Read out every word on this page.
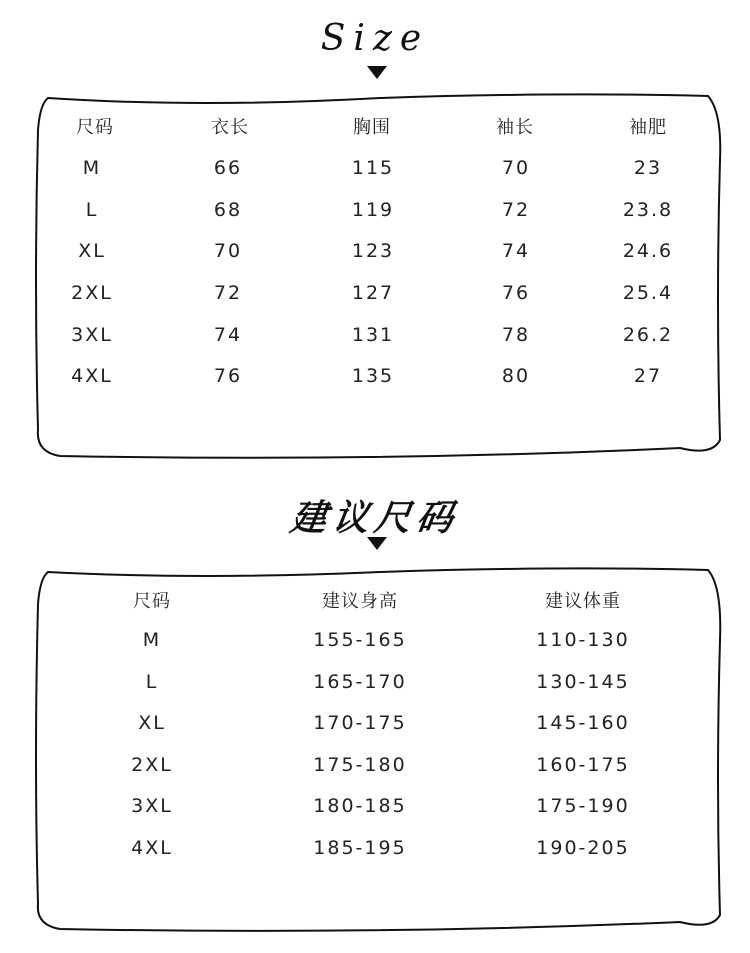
Size
建议尺码
尺码	衣长	胸围	袖长	袖肥
M	66	115	70	23
L	68	119	72	23.8
XL	70	123	74	24.6
2XL	72	127	76	25.4
3XL	74	131	78	26.2
4XL	76	135	80	27
尺码	建议身高	建议体重
M	155-165	110-130
L	165-170	130-145
XL	170-175	145-160
2XL	175-180	160-175
3XL	180-185	175-190
4XL	185-195	190-205
